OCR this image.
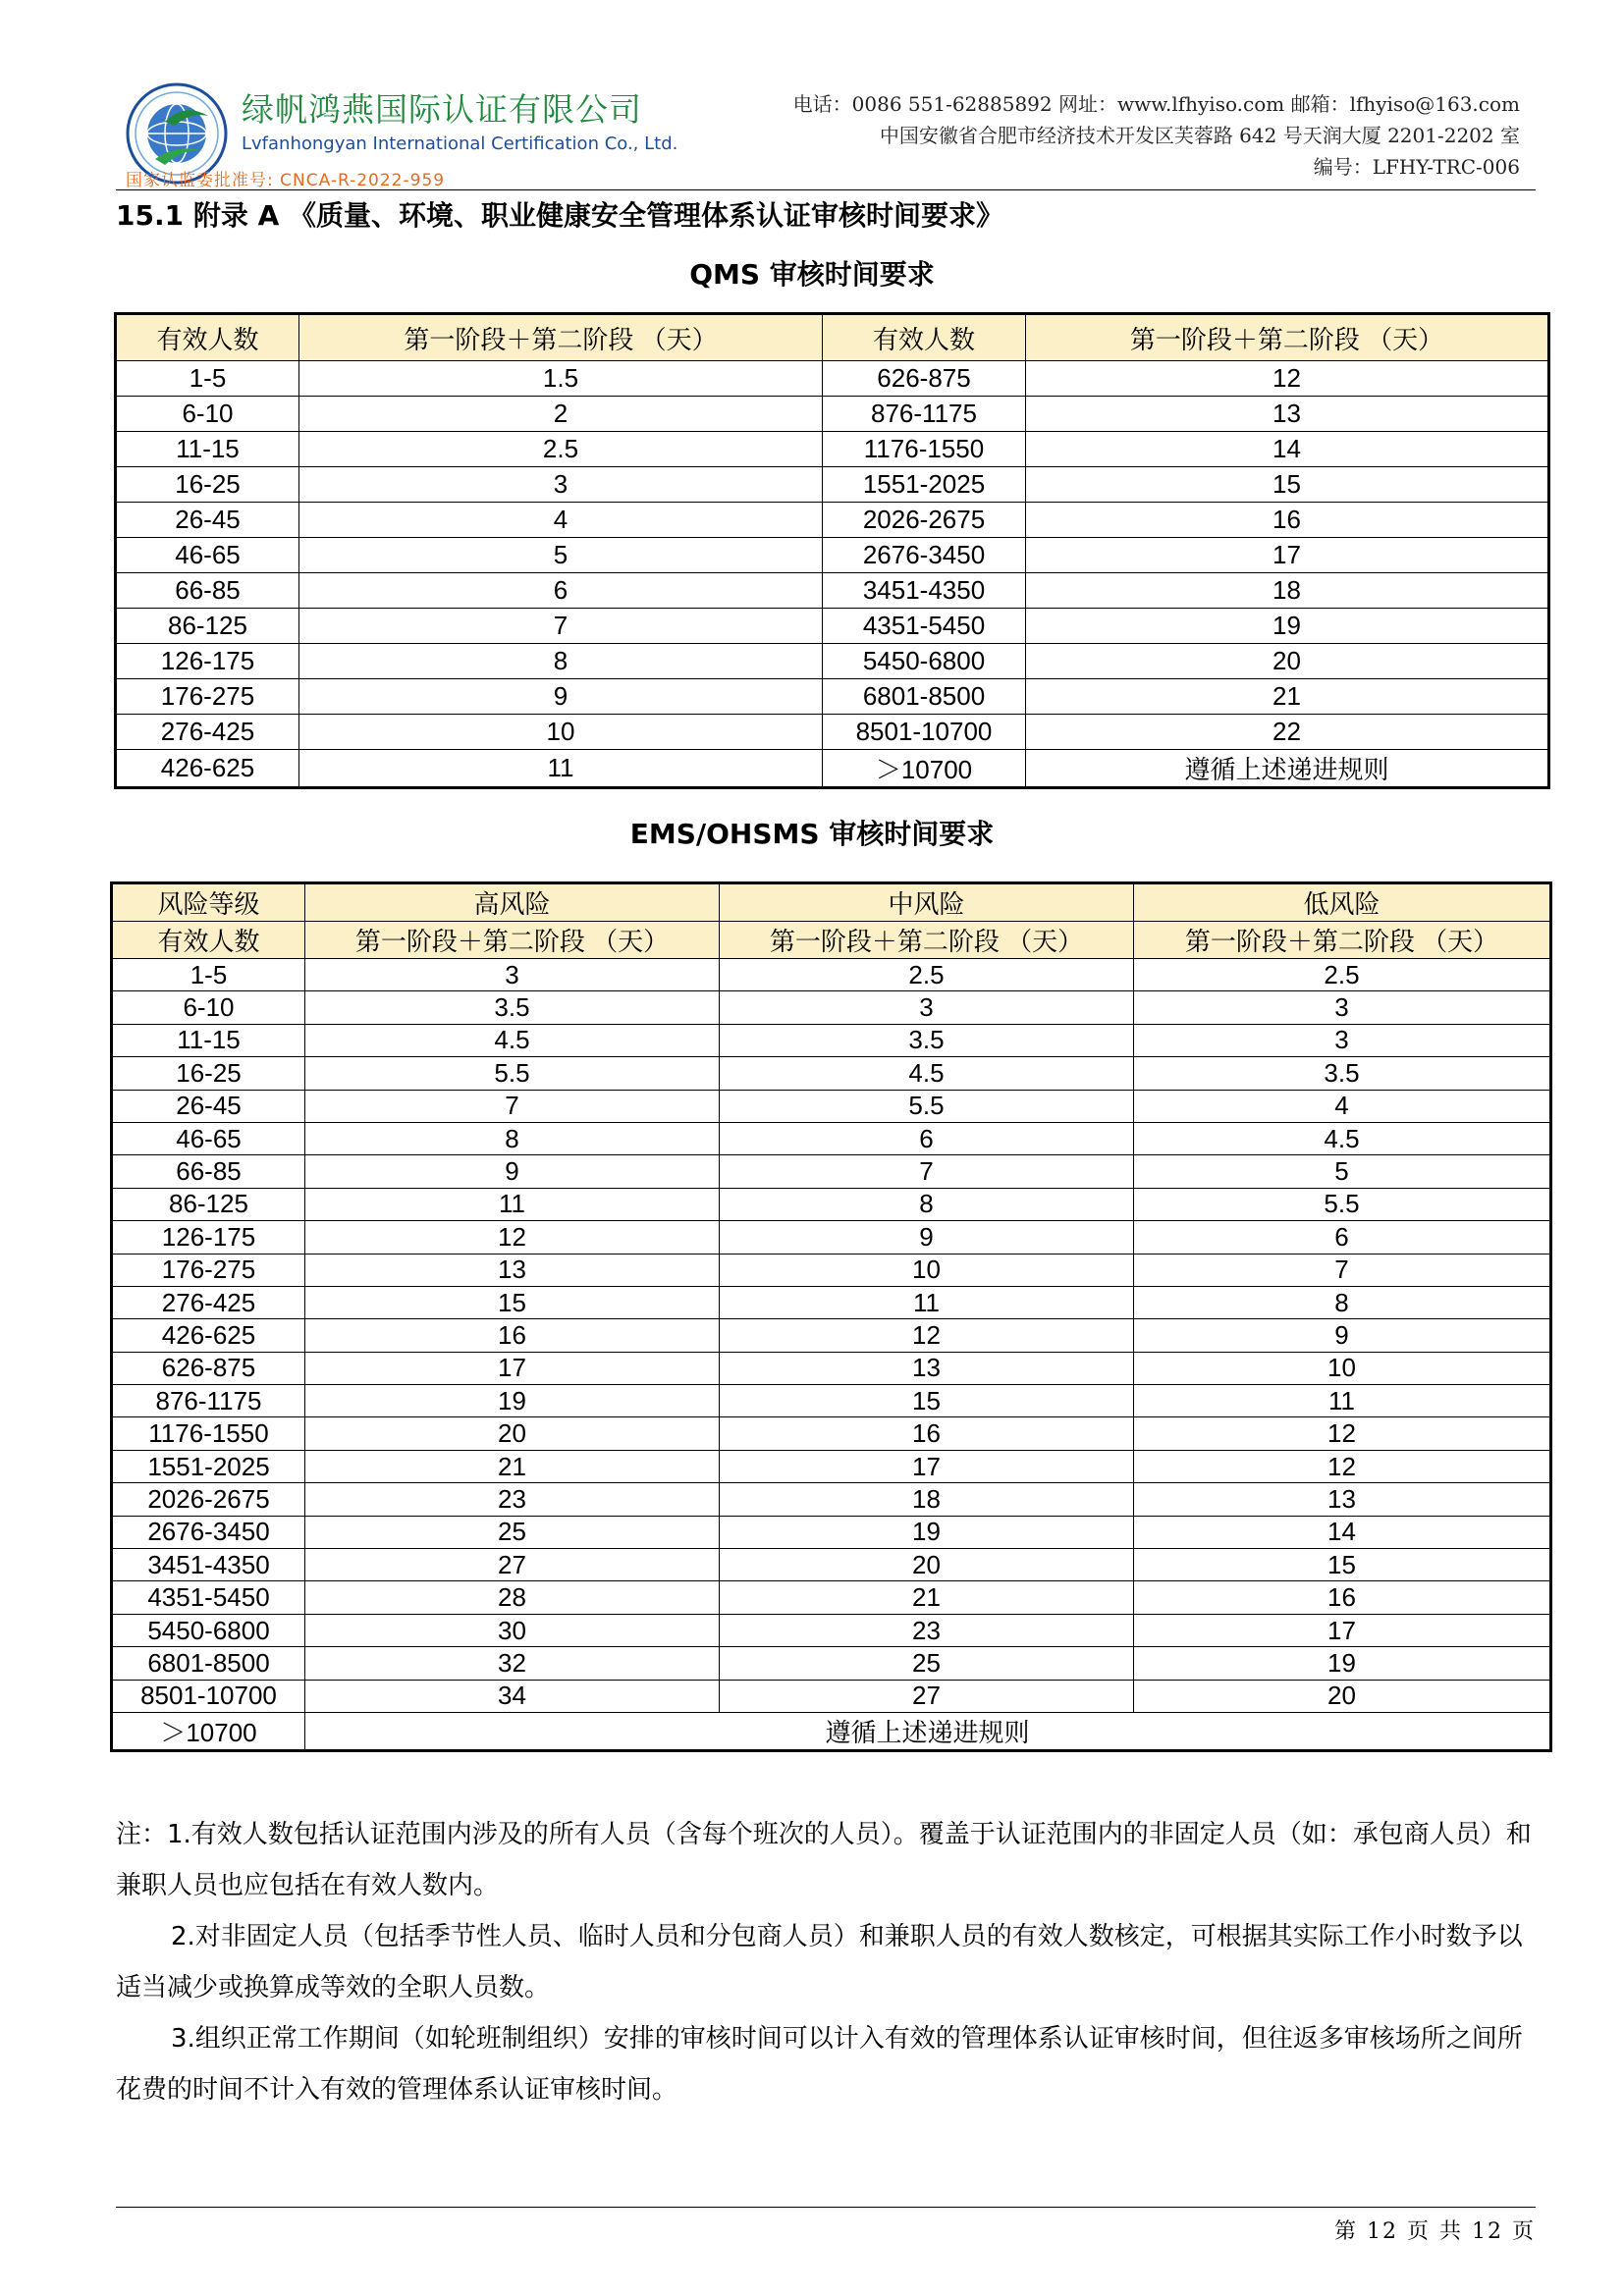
绿帆鸿燕国际认证有限公司
Lvfanhongyan International Certification Co., Ltd.
国家认监委批准号: CNCA-R-2022-959
电话：0086 551-62885892 网址：www.lfhyiso.com 邮箱：lfhyiso@163.com
中国安徽省合肥市经济技术开发区芙蓉路 642 号天润大厦 2201-2202 室
编号：LFHY-TRC-006
15.1 附录 A 《质量、环境、职业健康安全管理体系认证审核时间要求》
QMS 审核时间要求
有效人数	第一阶段＋第二阶段 （天）	有效人数	第一阶段＋第二阶段 （天）
1-5	1.5	626-875	12
6-10	2	876-1175	13
11-15	2.5	1176-1550	14
16-25	3	1551-2025	15
26-45	4	2026-2675	16
46-65	5	2676-3450	17
66-85	6	3451-4350	18
86-125	7	4351-5450	19
126-175	8	5450-6800	20
176-275	9	6801-8500	21
276-425	10	8501-10700	22
426-625	11	＞10700	遵循上述递进规则
EMS/OHSMS 审核时间要求
风险等级	高风险	中风险	低风险
有效人数	第一阶段＋第二阶段 （天）	第一阶段＋第二阶段 （天）	第一阶段＋第二阶段 （天）
1-5	3	2.5	2.5
6-10	3.5	3	3
11-15	4.5	3.5	3
16-25	5.5	4.5	3.5
26-45	7	5.5	4
46-65	8	6	4.5
66-85	9	7	5
86-125	11	8	5.5
126-175	12	9	6
176-275	13	10	7
276-425	15	11	8
426-625	16	12	9
626-875	17	13	10
876-1175	19	15	11
1176-1550	20	16	12
1551-2025	21	17	12
2026-2675	23	18	13
2676-3450	25	19	14
3451-4350	27	20	15
4351-5450	28	21	16
5450-6800	30	23	17
6801-8500	32	25	19
8501-10700	34	27	20
＞10700	遵循上述递进规则		

注：1.有效人数包括认证范围内涉及的所有人员（含每个班次的人员）。覆盖于认证范围内的非固定人员（如：承包商人员）和兼职人员也应包括在有效人数内。

2.对非固定人员（包括季节性人员、临时人员和分包商人员）和兼职人员的有效人数核定，可根据其实际工作小时数予以适当减少或换算成等效的全职人员数。

3.组织正常工作期间（如轮班制组织）安排的审核时间可以计入有效的管理体系认证审核时间，但往返多审核场所之间所花费的时间不计入有效的管理体系认证审核时间。

第 12 页 共 12 页
